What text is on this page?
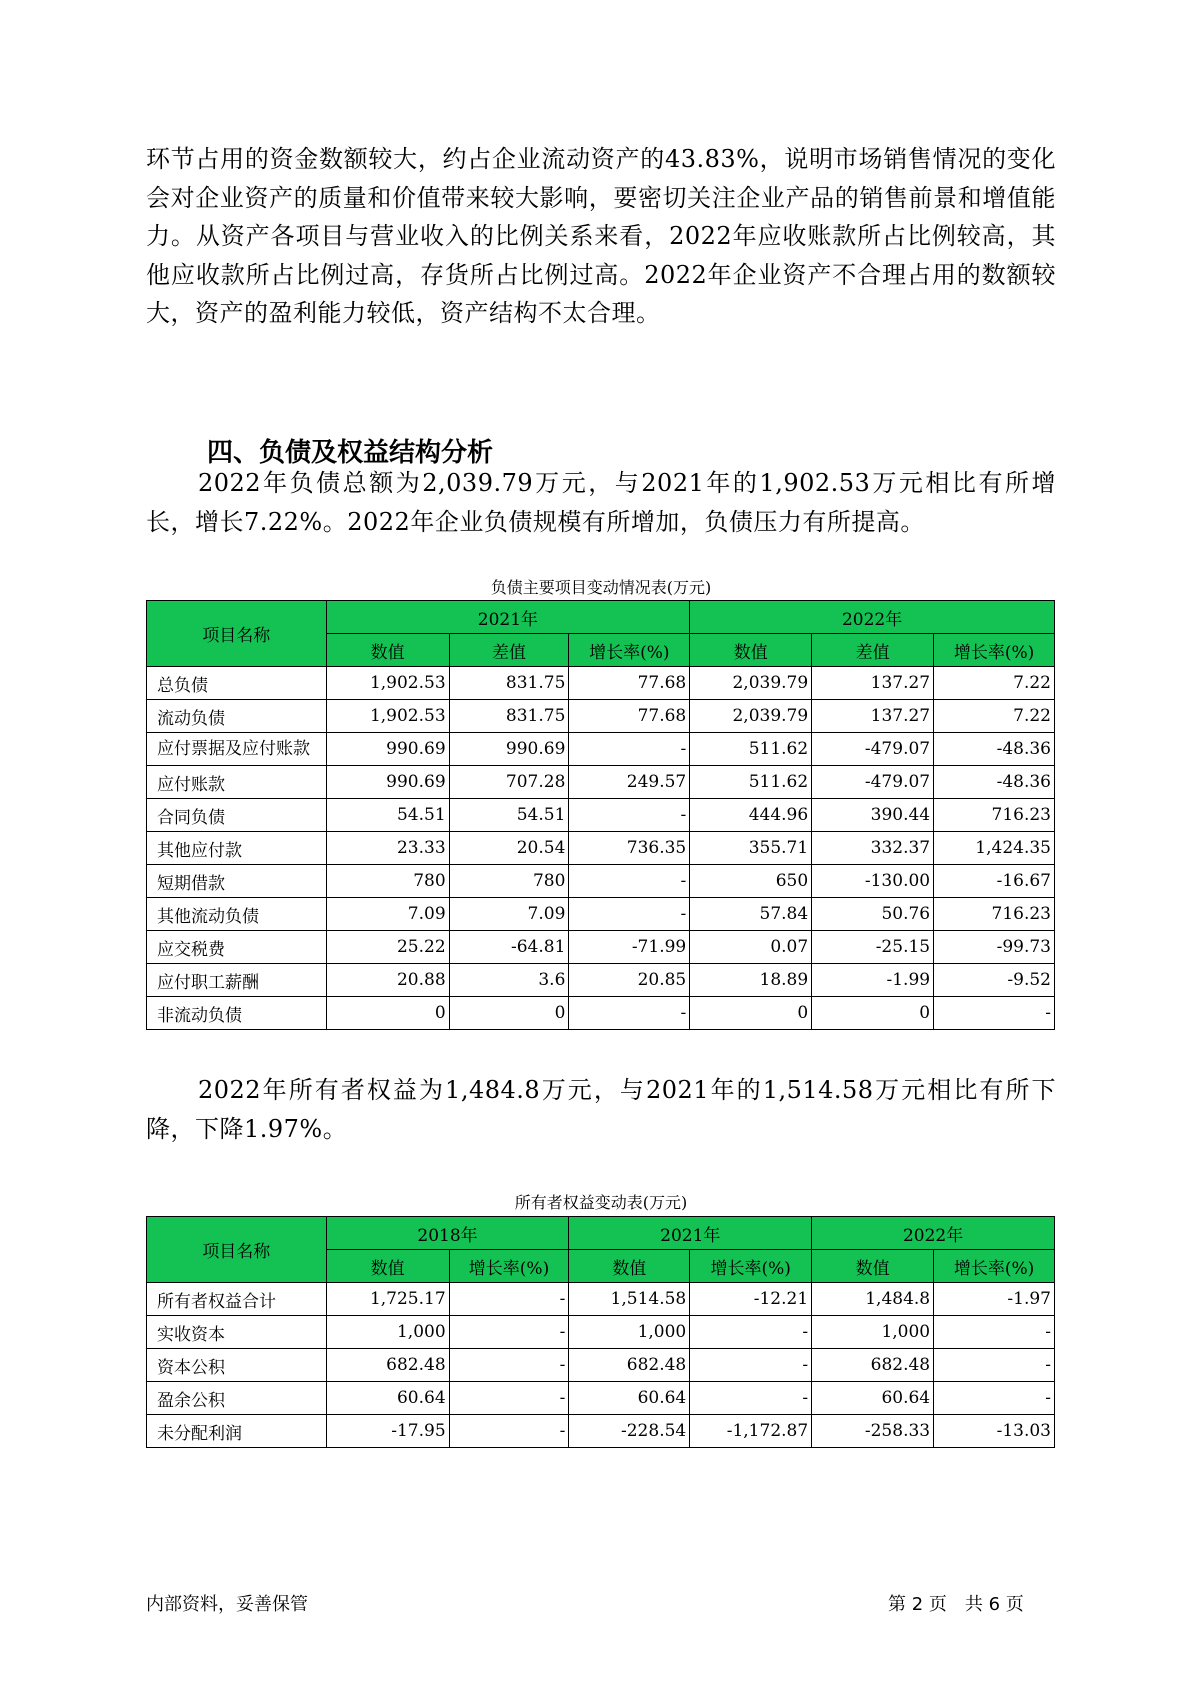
环节占用的资金数额较大，约占企业流动资产的43.83%，说明市场销售情况的变化会对企业资产的质量和价值带来较大影响，要密切关注企业产品的销售前景和增值能力。从资产各项目与营业收入的比例关系来看，2022年应收账款所占比例较高，其他应收款所占比例过高，存货所占比例过高。2022年企业资产不合理占用的数额较大，资产的盈利能力较低，资产结构不太合理。

四、负债及权益结构分析

2022年负债总额为2,039.79万元，与2021年的1,902.53万元相比有所增长，增长7.22%。2022年企业负债规模有所增加，负债压力有所提高。

负债主要项目变动情况表(万元)
项目名称	2021年			2022年		
	数值	差值	增长率(%)	数值	差值	增长率(%)
总负债	1,902.53	831.75	77.68	2,039.79	137.27	7.22
流动负债	1,902.53	831.75	77.68	2,039.79	137.27	7.22
应付票据及应付账款	990.69	990.69	-	511.62	-479.07	-48.36
应付账款	990.69	707.28	249.57	511.62	-479.07	-48.36
合同负债	54.51	54.51	-	444.96	390.44	716.23
其他应付款	23.33	20.54	736.35	355.71	332.37	1,424.35
短期借款	780	780	-	650	-130.00	-16.67
其他流动负债	7.09	7.09	-	57.84	50.76	716.23
应交税费	25.22	-64.81	-71.99	0.07	-25.15	-99.73
应付职工薪酬	20.88	3.6	20.85	18.89	-1.99	-9.52
非流动负债	0	0	-	0	0	-

2022年所有者权益为1,484.8万元，与2021年的1,514.58万元相比有所下降，下降1.97%。

所有者权益变动表(万元)
项目名称	2018年		2021年		2022年	
	数值	增长率(%)	数值	增长率(%)	数值	增长率(%)
所有者权益合计	1,725.17	-	1,514.58	-12.21	1,484.8	-1.97
实收资本	1,000	-	1,000	-	1,000	-
资本公积	682.48	-	682.48	-	682.48	-
盈余公积	60.64	-	60.64	-	60.64	-
未分配利润	-17.95	-	-228.54	-1,172.87	-258.33	-13.03
内部资料，妥善保管	第 2 页　共 6 页
